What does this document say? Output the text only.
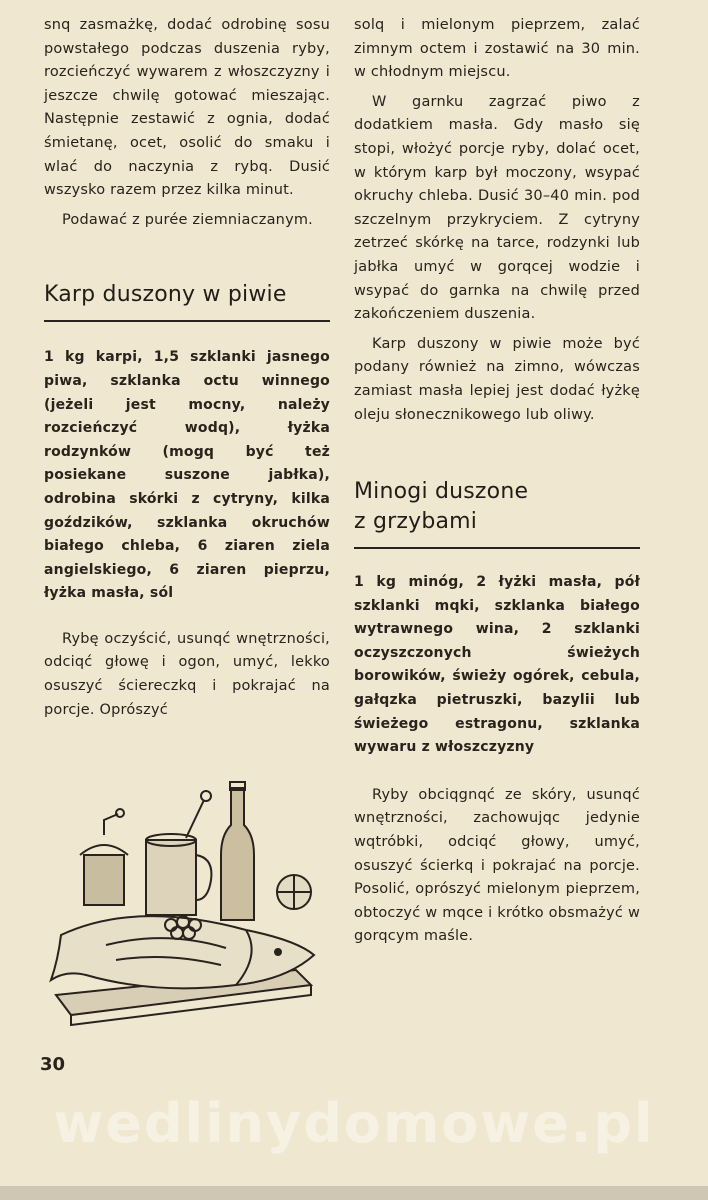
snq zasmażkę, dodać odrobinę sosu powstałego podczas duszenia ryby, rozcieńczyć wywarem z włoszczyzny i jeszcze chwilę gotować mieszając. Następnie zestawić z ognia, dodać śmietanę, ocet, osolić do smaku i wlać do naczynia z rybq. Dusić wszysko razem przez kilka minut.

Podawać z purée ziemniaczanym.

Karp duszony w piwie

1 kg karpi, 1,5 szklanki jasnego piwa, szklanka octu winnego (jeżeli jest mocny, należy rozcieńczyć wodq), łyżka rodzynków (mogq być też posiekane suszone jabłka), odrobina skórki z cytryny, kilka goździków, szklanka okruchów białego chleba, 6 ziaren ziela angielskiego, 6 ziaren pieprzu, łyżka masła, sól

Rybę oczyścić, usunqć wnętrzności, odciqć głowę i ogon, umyć, lekko osuszyć ściereczkq i pokrajać na porcje. Oprószyć

solq i mielonym pieprzem, zalać zimnym octem i zostawić na 30 min. w chłodnym miejscu.

W garnku zagrzać piwo z dodatkiem masła. Gdy masło się stopi, włożyć porcje ryby, dolać ocet, w którym karp był moczony, wsypać okruchy chleba. Dusić 30–40 min. pod szczelnym przykryciem. Z cytryny zetrzeć skórkę na tarce, rodzynki lub jabłka umyć w gorqcej wodzie i wsypać do garnka na chwilę przed zakończeniem duszenia.

Karp duszony w piwie może być podany również na zimno, wówczas zamiast masła lepiej jest dodać łyżkę oleju słonecznikowego lub oliwy.

Minogi duszone
z grzybami

1 kg minóg, 2 łyżki masła, pół szklanki mqki, szklanka białego wytrawnego wina, 2 szklanki oczyszczonych świeżych borowików, świeży ogórek, cebula, gałqzka pietruszki, bazylii lub świeżego estragonu, szklanka wywaru z włoszczyzny

Ryby obciqgnqć ze skóry, usunqć wnętrzności, zachowujqc jedynie wqtróbki, odciqć głowy, umyć, osuszyć ścierkq i pokrajać na porcje. Posolić, oprószyć mielonym pieprzem, obtoczyć w mqce i krótko obsmażyć w gorqcym maśle.

30
wedlinydomowe.pl
